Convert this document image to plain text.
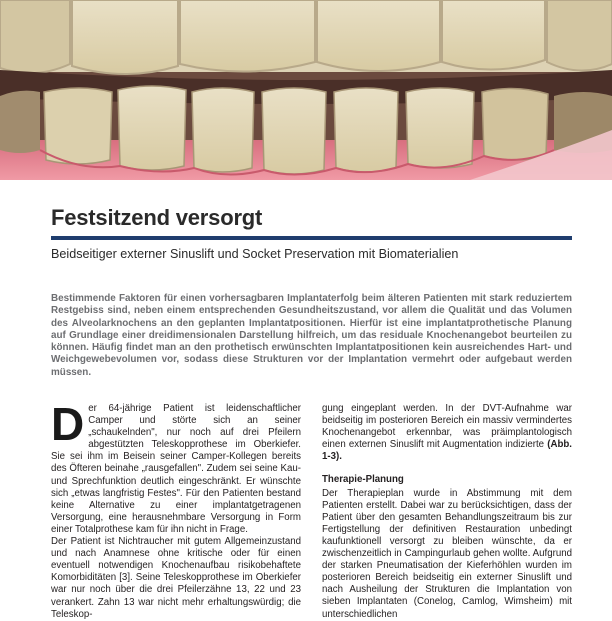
Festsitzend versorgt

Beidseitiger externer Sinuslift und Socket Preservation mit Biomaterialien

Bestimmende Faktoren für einen vorhersagbaren Implantaterfolg beim älteren Patienten mit stark reduziertem Restgebiss sind, neben einem entsprechenden Gesundheitszustand, vor allem die Qualität und das Volumen des Alveolarknochens an den geplanten Implantatpositionen. Hierfür ist eine implantatprothetische Planung auf Grundlage einer dreidimensionalen Darstellung hilfreich, um das residuale Knochenangebot beurteilen zu können. Häufig findet man an den prothetisch erwünschten Implantatpositionen kein ausreichendes Hart- und Weichgewebevolumen vor, sodass diese Strukturen vor der Implantation vermehrt oder aufgebaut werden müssen.

Der 64-jährige Patient ist leidenschaftlicher Camper und störte sich an seiner „schaukelnden", nur noch auf drei Pfeilern abgestützten Teleskopprothese im Oberkiefer. Sie sei ihm im Beisein seiner Camper-Kollegen bereits des Öfteren beinahe „rausgefallen". Zudem sei seine Kau- und Sprechfunktion deutlich eingeschränkt. Er wünschte sich „etwas langfristig Festes". Für den Patienten bestand keine Alternative zu einer implantatgetragenen Versorgung, eine herausnehmbare Versorgung in Form einer Totalprothese kam für ihn nicht in Frage.

Der Patient ist Nichtraucher mit gutem Allgemeinzustand und nach Anamnese ohne kritische oder für einen eventuell notwendigen Knochenaufbau risikobehaftete Komorbiditäten [3]. Seine Teleskopprothese im Oberkiefer war nur noch über die drei Pfeilerzähne 13, 22 und 23 verankert. Zahn 13 war nicht mehr erhaltungswürdig; die Teleskop-

gung eingeplant werden. In der DVT-Aufnahme war beidseitig im posterioren Bereich ein massiv vermindertes Knochenangebot erkennbar, was präimplantologisch einen externen Sinuslift mit Augmentation indizierte (Abb. 1-3).

Therapie-Planung

Der Therapieplan wurde in Abstimmung mit dem Patienten erstellt. Dabei war zu berücksichtigen, dass der Patient über den gesamten Behandlungszeitraum bis zur Fertigstellung der definitiven Restauration unbedingt kaufunktionell versorgt zu bleiben wünschte, da er zwischenzeitlich in Campingurlaub gehen wollte. Aufgrund der starken Pneumatisation der Kieferhöhlen wurden im posterioren Bereich beidseitig ein externer Sinuslift und nach Ausheilung der Strukturen die Implantation von sieben Implantaten (Conelog, Camlog, Wimsheim) mit unterschiedlichen
